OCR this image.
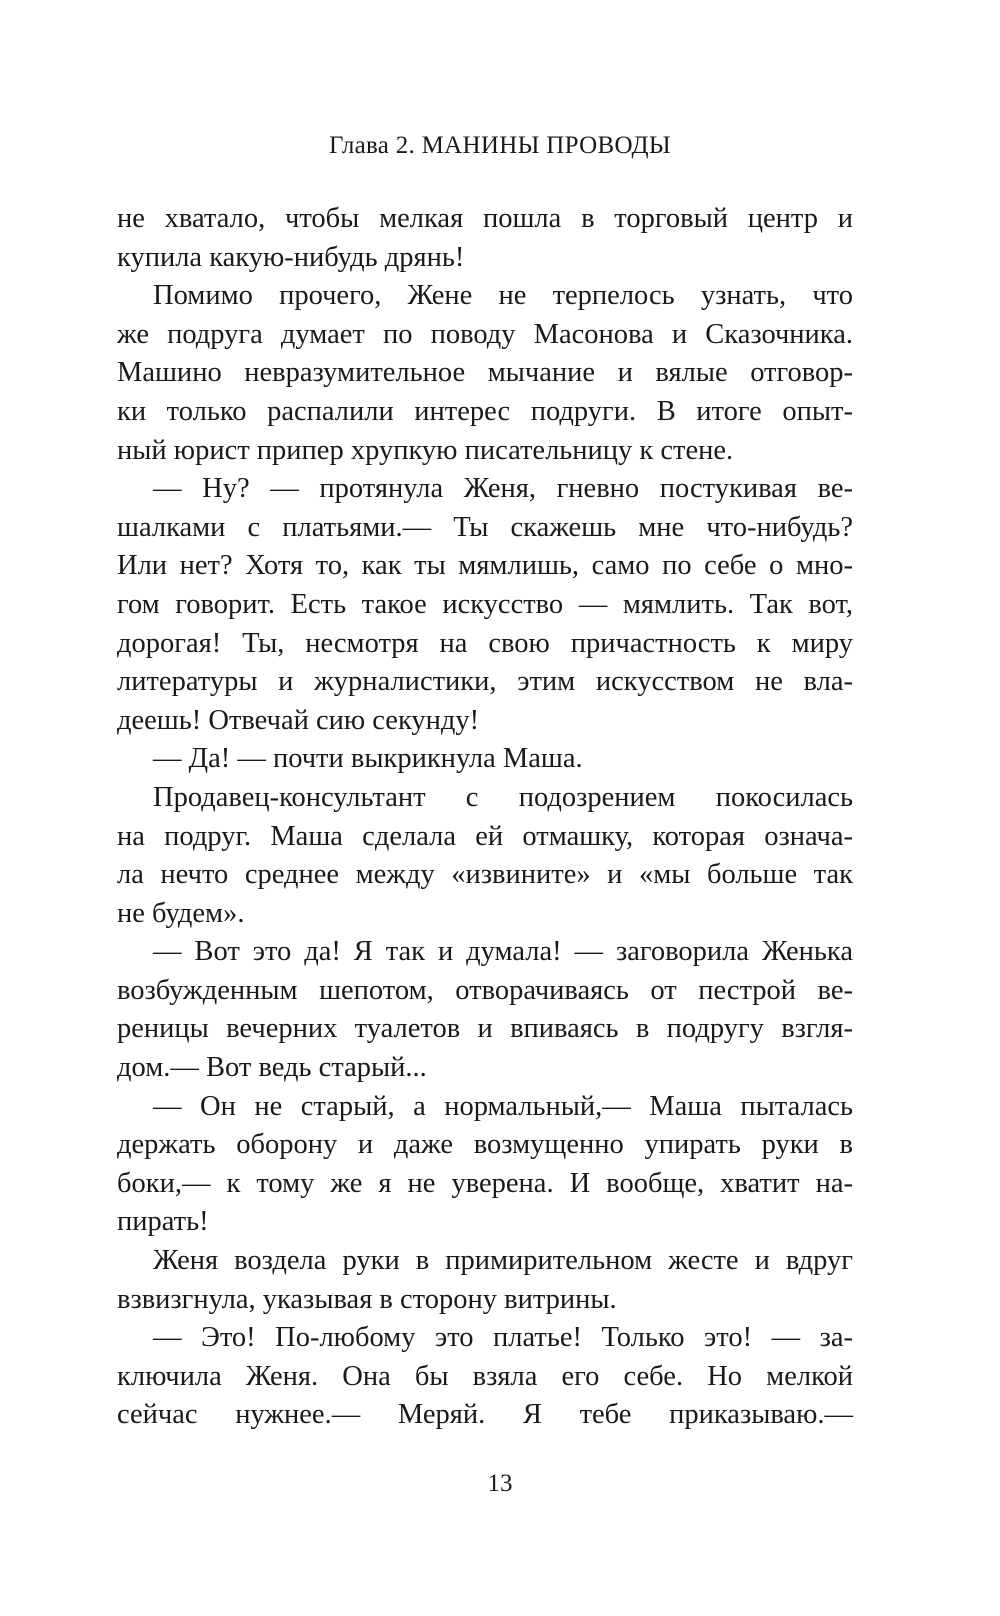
Глава 2. МАНИНЫ ПРОВОДЫ
не хватало, чтобы мелкая пошла в торговый центр и
купила какую-нибудь дрянь!
Помимо прочего, Жене не терпелось узнать, что
же подруга думает по поводу Масонова и Сказочника.
Машино невразумительное мычание и вялые отговор-
ки только распалили интерес подруги. В итоге опыт-
ный юрист припер хрупкую писательницу к стене.
— Ну? — протянула Женя, гневно постукивая ве-
шалками с платьями.— Ты скажешь мне что-нибудь?
Или нет? Хотя то, как ты мямлишь, само по себе о мно-
гом говорит. Есть такое искусство — мямлить. Так вот,
дорогая! Ты, несмотря на свою причастность к миру
литературы и журналистики, этим искусством не вла-
деешь! Отвечай сию секунду!
— Да! — почти выкрикнула Маша.
Продавец-консультант с подозрением покосилась
на подруг. Маша сделала ей отмашку, которая означа-
ла нечто среднее между «извините» и «мы больше так
не будем».
— Вот это да! Я так и думала! — заговорила Женька
возбужденным шепотом, отворачиваясь от пестрой ве-
реницы вечерних туалетов и впиваясь в подругу взгля-
дом.— Вот ведь старый...
— Он не старый, а нормальный,— Маша пыталась
держать оборону и даже возмущенно упирать руки в
боки,— к тому же я не уверена. И вообще, хватит на-
пирать!
Женя воздела руки в примирительном жесте и вдруг
взвизгнула, указывая в сторону витрины.
— Это! По-любому это платье! Только это! — за-
ключила Женя. Она бы взяла его себе. Но мелкой
сейчас нужнее.— Меряй. Я тебе приказываю.—
13
